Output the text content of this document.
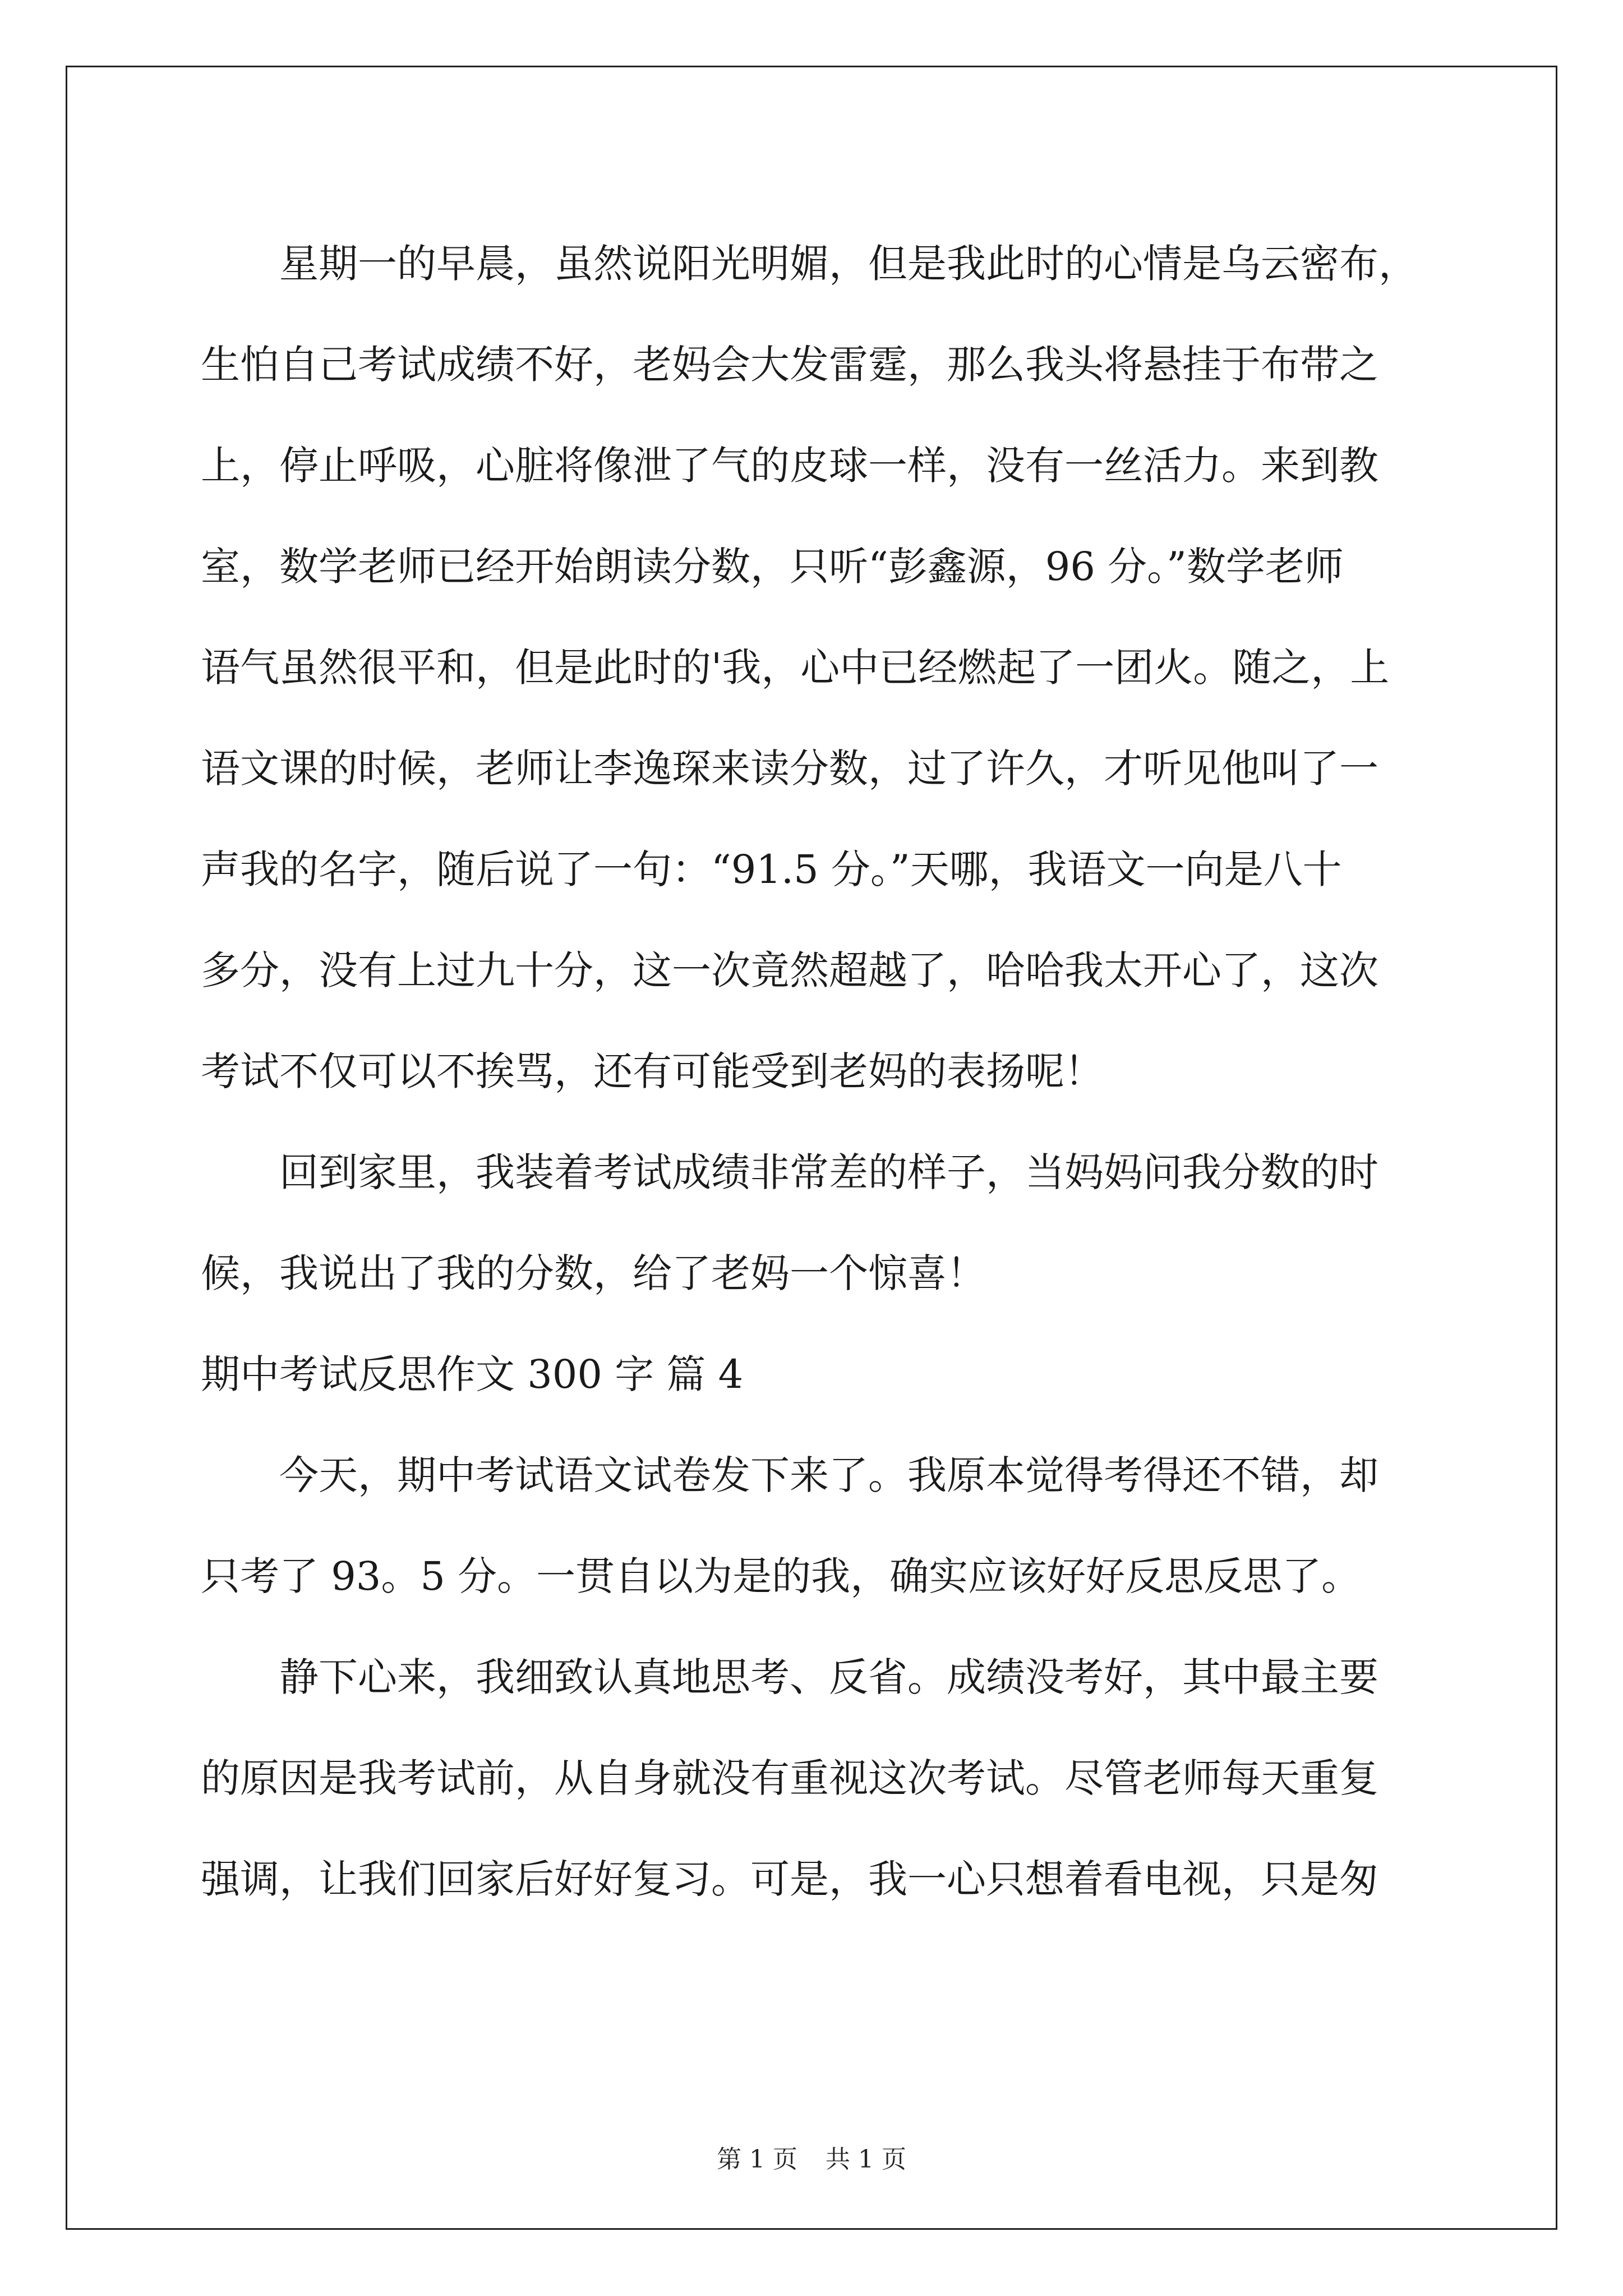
星期一的早晨，虽然说阳光明媚，但是我此时的心情是乌云密布，
生怕自己考试成绩不好，老妈会大发雷霆，那么我头将悬挂于布带之
上，停止呼吸，心脏将像泄了气的皮球一样，没有一丝活力。来到教
室，数学老师已经开始朗读分数，只听“彭鑫源，96 分。”数学老师
语气虽然很平和，但是此时的'我，心中已经燃起了一团火。随之，上
语文课的时候，老师让李逸琛来读分数，过了许久，才听见他叫了一
声我的名字，随后说了一句：“91.5 分。”天哪，我语文一向是八十
多分，没有上过九十分，这一次竟然超越了，哈哈我太开心了，这次
考试不仅可以不挨骂，还有可能受到老妈的表扬呢！
回到家里，我装着考试成绩非常差的样子，当妈妈问我分数的时
候，我说出了我的分数，给了老妈一个惊喜！
期中考试反思作文 300 字 篇 4
今天，期中考试语文试卷发下来了。我原本觉得考得还不错，却
只考了 93。5 分。一贯自以为是的我，确实应该好好反思反思了。
静下心来，我细致认真地思考、反省。成绩没考好，其中最主要
的原因是我考试前，从自身就没有重视这次考试。尽管老师每天重复
强调，让我们回家后好好复习。可是，我一心只想着看电视，只是匆
第 1 页 共 1 页
